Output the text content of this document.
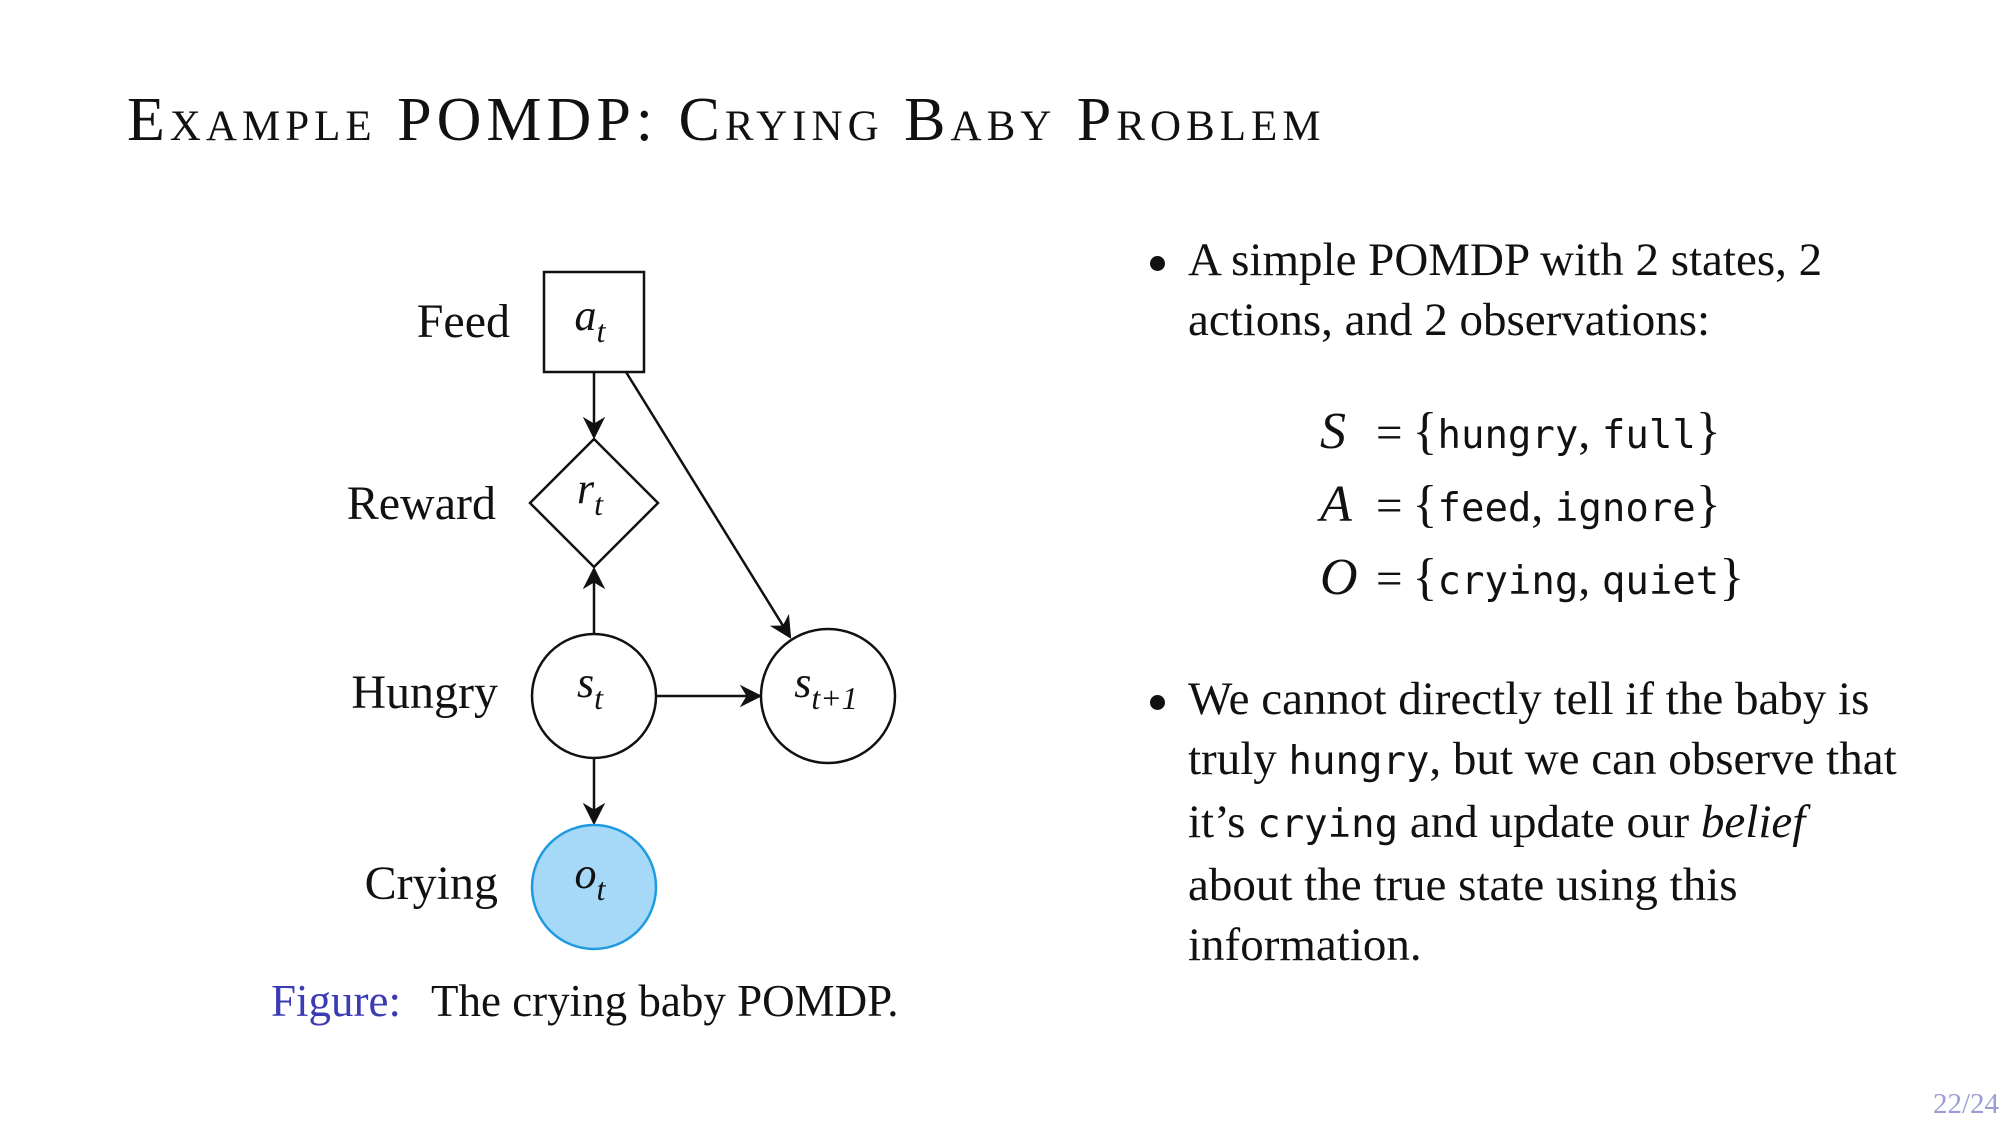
Example POMDP: Crying Baby Problem
Feed
Reward
Hungry
Crying
$a_t$
$r_t$
$s_t$	$s_{t+1}$
$o_t$
Figure: The crying baby POMDP.
A simple POMDP with 2 states, 2 actions, and 2 observations:
S = {hungry, full}
A = {feed, ignore}
O = {crying, quiet}
We cannot directly tell if the baby is truly hungry, but we can observe that it’s crying and update our belief about the true state using this information.
22/24
